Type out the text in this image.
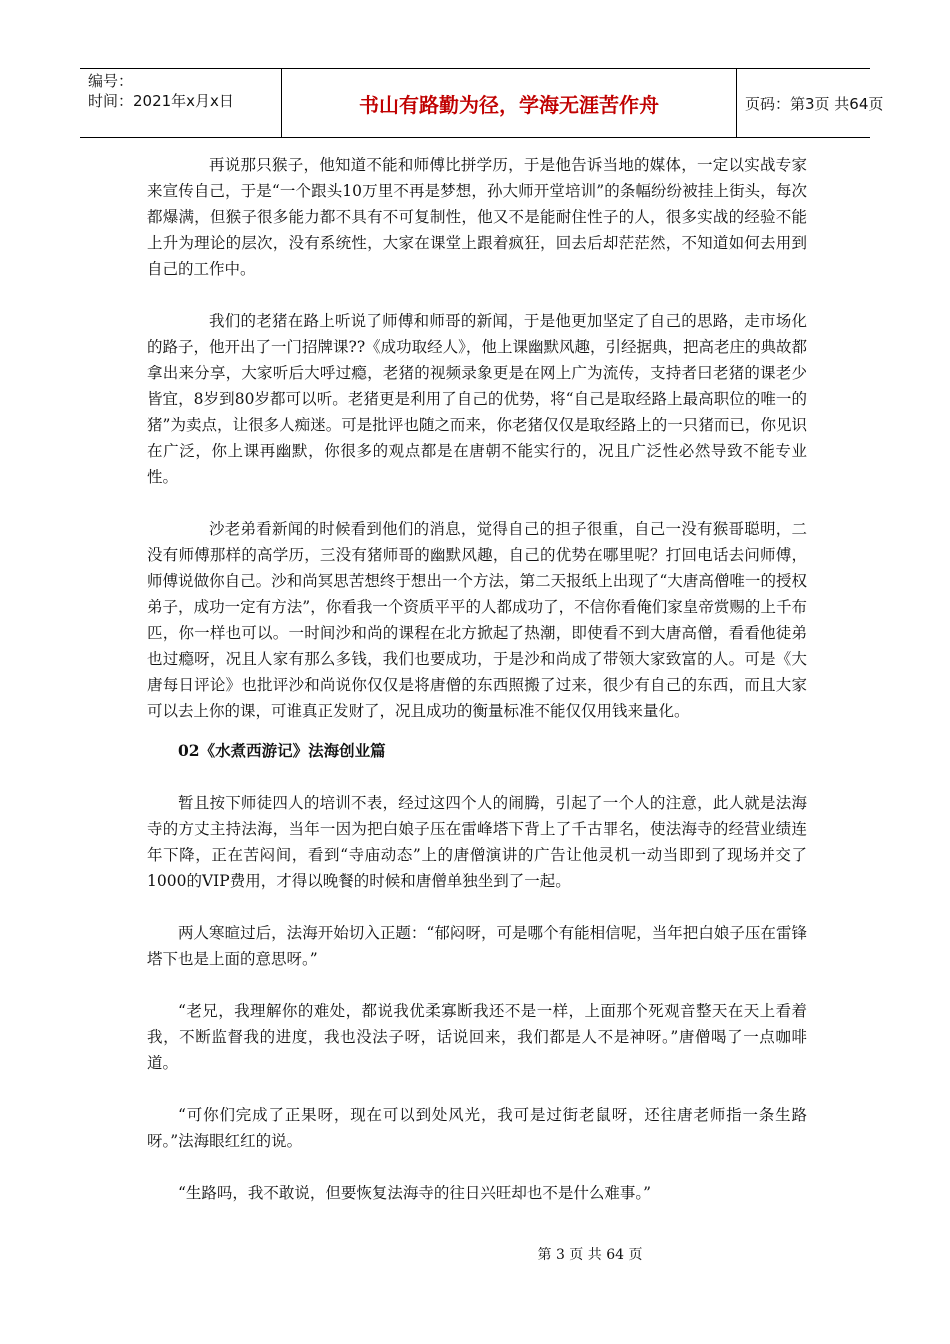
编号：
时间：2021年x月x日	书山有路勤为径，学海无涯苦作舟	页码：第3页 共64页

再说那只猴子，他知道不能和师傅比拼学历，于是他告诉当地的媒体，一定以实战专家来宣传自己，于是“一个跟头10万里不再是梦想，孙大师开堂培训”的条幅纷纷被挂上街头，每次都爆满，但猴子很多能力都不具有不可复制性，他又不是能耐住性子的人，很多实战的经验不能上升为理论的层次，没有系统性，大家在课堂上跟着疯狂，回去后却茫茫然，不知道如何去用到自己的工作中。

我们的老猪在路上听说了师傅和师哥的新闻，于是他更加坚定了自己的思路，走市场化的路子，他开出了一门招牌课??《成功取经人》，他上课幽默风趣，引经据典，把高老庄的典故都拿出来分享，大家听后大呼过瘾，老猪的视频录象更是在网上广为流传，支持者曰老猪的课老少皆宜，8岁到80岁都可以听。老猪更是利用了自己的优势，将“自己是取经路上最高职位的唯一的猪”为卖点，让很多人痴迷。可是批评也随之而来，你老猪仅仅是取经路上的一只猪而已，你见识在广泛，你上课再幽默，你很多的观点都是在唐朝不能实行的，况且广泛性必然导致不能专业性。

沙老弟看新闻的时候看到他们的消息，觉得自己的担子很重，自己一没有猴哥聪明，二没有师傅那样的高学历，三没有猪师哥的幽默风趣，自己的优势在哪里呢？打回电话去问师傅，师傅说做你自己。沙和尚冥思苦想终于想出一个方法，第二天报纸上出现了“大唐高僧唯一的授权弟子，成功一定有方法”，你看我一个资质平平的人都成功了，不信你看俺们家皇帝赏赐的上千布匹，你一样也可以。一时间沙和尚的课程在北方掀起了热潮，即使看不到大唐高僧，看看他徒弟也过瘾呀，况且人家有那么多钱，我们也要成功，于是沙和尚成了带领大家致富的人。可是《大唐每日评论》也批评沙和尚说你仅仅是将唐僧的东西照搬了过来，很少有自己的东西，而且大家可以去上你的课，可谁真正发财了，况且成功的衡量标准不能仅仅用钱来量化。

02《水煮西游记》法海创业篇

暂且按下师徒四人的培训不表，经过这四个人的闹腾，引起了一个人的注意，此人就是法海寺的方丈主持法海，当年一因为把白娘子压在雷峰塔下背上了千古罪名，使法海寺的经营业绩连年下降，正在苦闷间，看到“寺庙动态”上的唐僧演讲的广告让他灵机一动当即到了现场并交了1000的VIP费用，才得以晚餐的时候和唐僧单独坐到了一起。

两人寒暄过后，法海开始切入正题：“郁闷呀，可是哪个有能相信呢，当年把白娘子压在雷锋塔下也是上面的意思呀。”

“老兄，我理解你的难处，都说我优柔寡断我还不是一样，上面那个死观音整天在天上看着我，不断监督我的进度，我也没法子呀，话说回来，我们都是人不是神呀。”唐僧喝了一点咖啡道。

“可你们完成了正果呀，现在可以到处风光，我可是过街老鼠呀，还往唐老师指一条生路呀。”法海眼红红的说。

“生路吗，我不敢说，但要恢复法海寺的往日兴旺却也不是什么难事。”

第 3 页 共 64 页
